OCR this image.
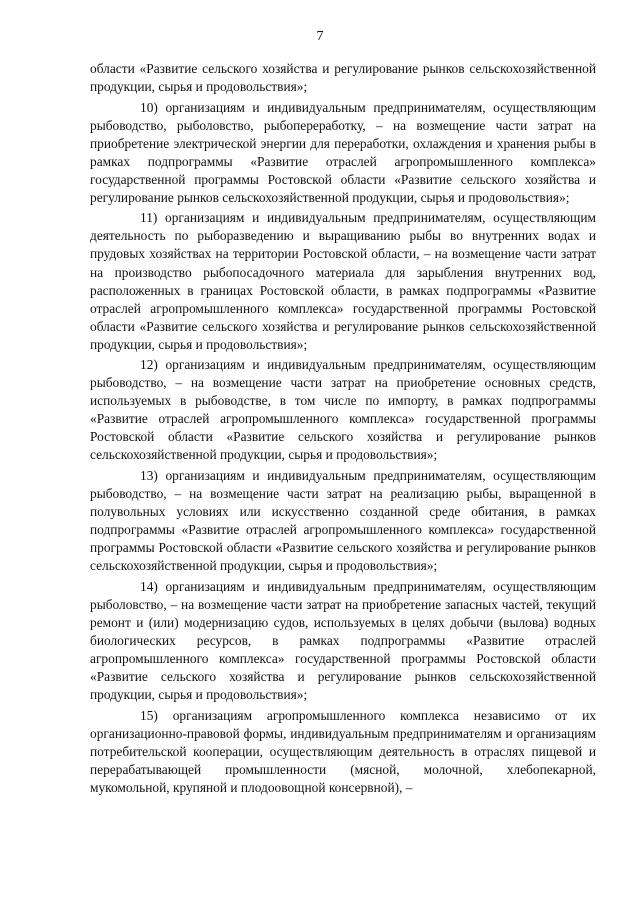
7

области «Развитие сельского хозяйства и регулирование рынков сельскохозяйственной продукции, сырья и продовольствия»;

10) организациям и индивидуальным предпринимателям, осуществляющим рыбоводство, рыболовство, рыбопереработку, – на возмещение части затрат на приобретение электрической энергии для переработки, охлаждения и хранения рыбы в рамках подпрограммы «Развитие отраслей агропромышленного комплекса» государственной программы Ростовской области «Развитие сельского хозяйства и регулирование рынков сельскохозяйственной продукции, сырья и продовольствия»;

11) организациям и индивидуальным предпринимателям, осуществляющим деятельность по рыборазведению и выращиванию рыбы во внутренних водах и прудовых хозяйствах на территории Ростовской области, – на возмещение части затрат на производство рыбопосадочного материала для зарыбления внутренних вод, расположенных в границах Ростовской области, в рамках подпрограммы «Развитие отраслей агропромышленного комплекса» государственной программы Ростовской области «Развитие сельского хозяйства и регулирование рынков сельскохозяйственной продукции, сырья и продовольствия»;

12) организациям и индивидуальным предпринимателям, осуществляющим рыбоводство, – на возмещение части затрат на приобретение основных средств, используемых в рыбоводстве, в том числе по импорту, в рамках подпрограммы «Развитие отраслей агропромышленного комплекса» государственной программы Ростовской области «Развитие сельского хозяйства и регулирование рынков сельскохозяйственной продукции, сырья и продовольствия»;

13) организациям и индивидуальным предпринимателям, осуществляющим рыбоводство, – на возмещение части затрат на реализацию рыбы, выращенной в полувольных условиях или искусственно созданной среде обитания, в рамках подпрограммы «Развитие отраслей агропромышленного комплекса» государственной программы Ростовской области «Развитие сельского хозяйства и регулирование рынков сельскохозяйственной продукции, сырья и продовольствия»;

14) организациям и индивидуальным предпринимателям, осуществляющим рыболовство, – на возмещение части затрат на приобретение запасных частей, текущий ремонт и (или) модернизацию судов, используемых в целях добычи (вылова) водных биологических ресурсов, в рамках подпрограммы «Развитие отраслей агропромышленного комплекса» государственной программы Ростовской области «Развитие сельского хозяйства и регулирование рынков сельскохозяйственной продукции, сырья и продовольствия»;

15) организациям агропромышленного комплекса независимо от их организационно-правовой формы, индивидуальным предпринимателям и организациям потребительской кооперации, осуществляющим деятельность в отраслях пищевой и перерабатывающей промышленности (мясной, молочной, хлебопекарной, мукомольной, крупяной и плодоовощной консервной), –
